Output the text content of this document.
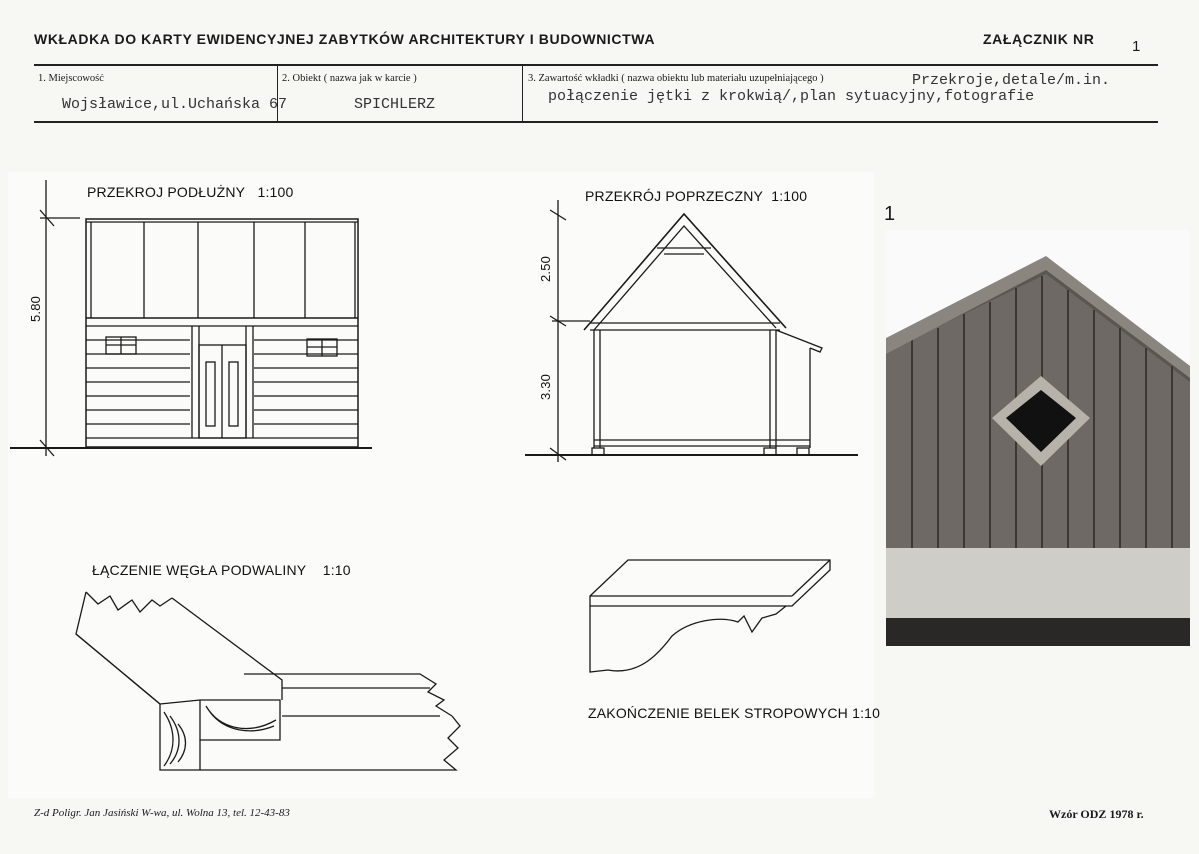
WKŁADKA DO KARTY EWIDENCYJNEJ ZABYTKÓW ARCHITEKTURY I BUDOWNICTWA	ZAŁĄCZNIK NR	1
1. Miejscowość	2. Obiekt ( nazwa jak w karcie )	3. Zawartość wkładki ( nazwa obiektu lub materiału uzupełniającego )
Wojsławice,ul.Uchańska 67	SPICHLERZ
Przekroje,detale/m.in.
połączenie jętki z krokwią/,plan sytuacyjny,fotografie
PRZEKROJ PODŁUŻNY 1:100	PRZEKRÓJ POPRZECZNY 1:100
ŁĄCZENIE WĘGŁA PODWALINY 1:10
ZAKOŃCZENIE BELEK STROPOWYCH 1:10
5.80
2.50
3.30
1
Z-d Poligr. Jan Jasiński W-wa, ul. Wolna 13, tel. 12-43-83	Wzór ODZ 1978 r.
